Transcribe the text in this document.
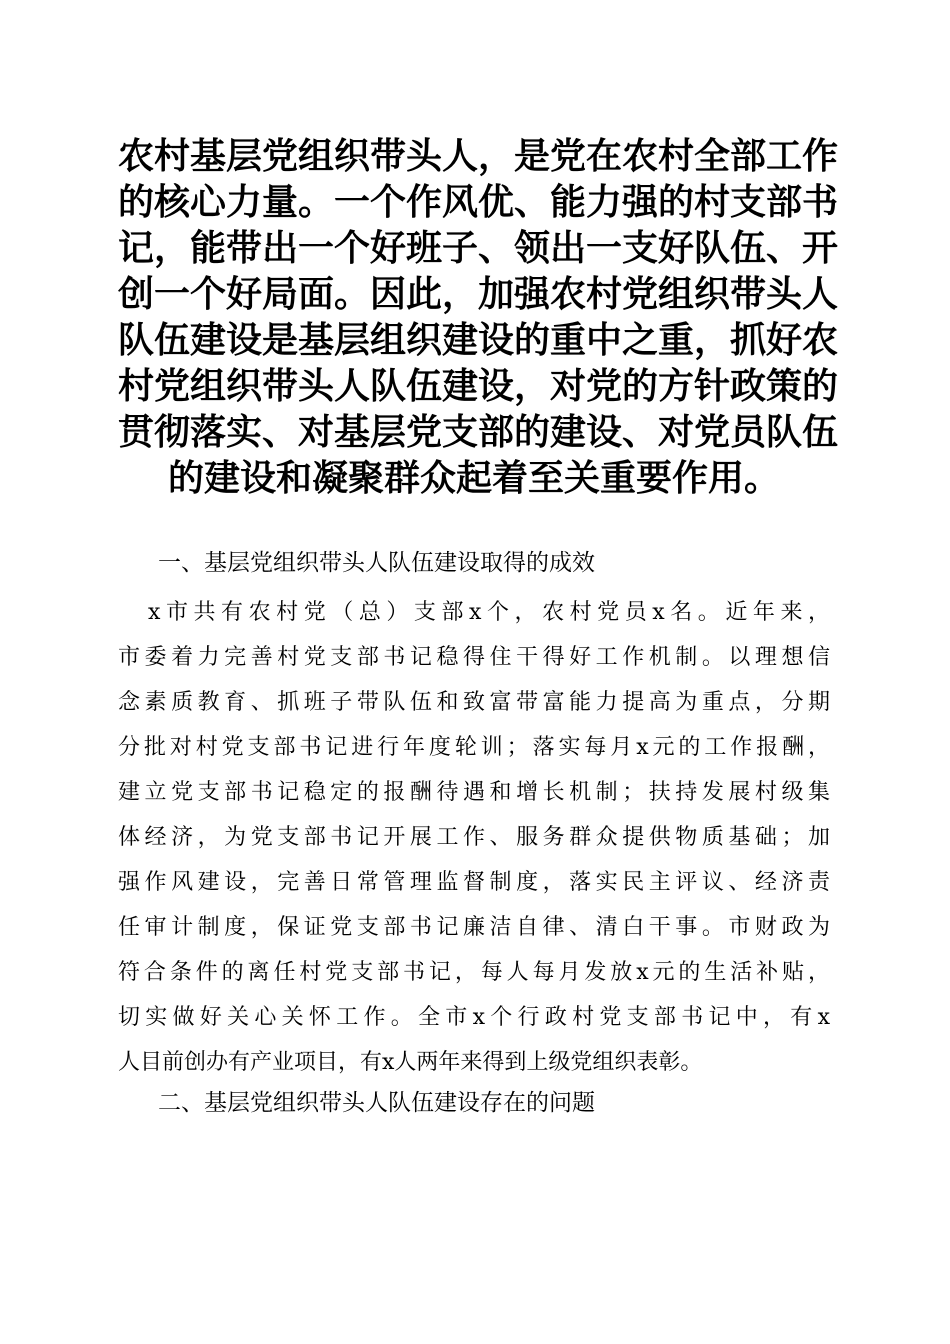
农村基层党组织带头人，是党在农村全部工作
的核心力量。一个作风优、能力强的村支部书
记，能带出一个好班子、领出一支好队伍、开
创一个好局面。因此，加强农村党组织带头人
队伍建设是基层组织建设的重中之重，抓好农
村党组织带头人队伍建设，对党的方针政策的
贯彻落实、对基层党支部的建设、对党员队伍
的建设和凝聚群众起着至关重要作用。
一、基层党组织带头人队伍建设取得的成效
x市共有农村党（总）支部x个，农村党员x名。近年来，
市委着力完善村党支部书记稳得住干得好工作机制。以理想信
念素质教育、抓班子带队伍和致富带富能力提高为重点，分期
分批对村党支部书记进行年度轮训；落实每月x元的工作报酬，
建立党支部书记稳定的报酬待遇和增长机制；扶持发展村级集
体经济，为党支部书记开展工作、服务群众提供物质基础；加
强作风建设，完善日常管理监督制度，落实民主评议、经济责
任审计制度，保证党支部书记廉洁自律、清白干事。市财政为
符合条件的离任村党支部书记，每人每月发放x元的生活补贴，
切实做好关心关怀工作。全市x个行政村党支部书记中，有x
人目前创办有产业项目，有x人两年来得到上级党组织表彰。
二、基层党组织带头人队伍建设存在的问题
